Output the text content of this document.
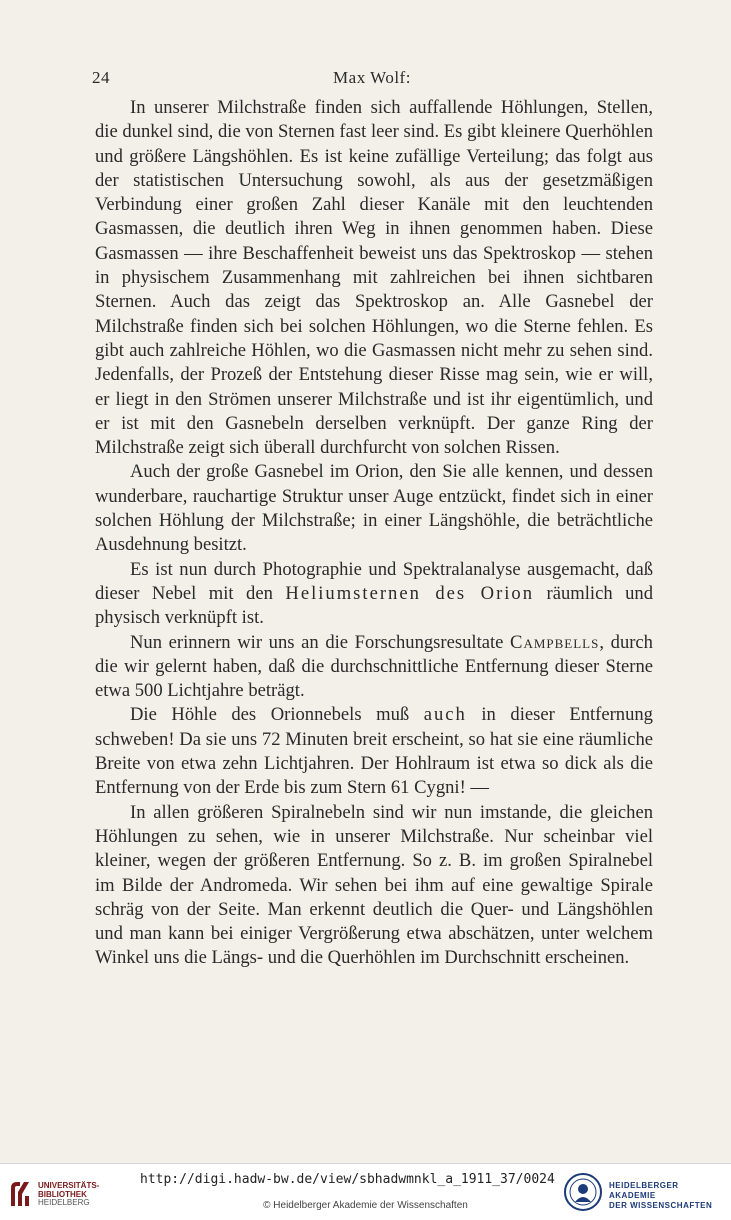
24	Max Wolf:

In unserer Milchstraße finden sich auffallende Höhlungen, Stellen, die dunkel sind, die von Sternen fast leer sind. Es gibt kleinere Querhöhlen und größere Längshöhlen. Es ist keine zufällige Verteilung; das folgt aus der statistischen Untersuchung sowohl, als aus der gesetzmäßigen Verbindung einer großen Zahl dieser Kanäle mit den leuchtenden Gasmassen, die deutlich ihren Weg in ihnen genommen haben. Diese Gasmassen — ihre Beschaffenheit beweist uns das Spektroskop — stehen in physischem Zusammenhang mit zahlreichen bei ihnen sichtbaren Sternen. Auch das zeigt das Spektroskop an. Alle Gasnebel der Milchstraße finden sich bei solchen Höhlungen, wo die Sterne fehlen. Es gibt auch zahlreiche Höhlen, wo die Gasmassen nicht mehr zu sehen sind. Jedenfalls, der Prozeß der Entstehung dieser Risse mag sein, wie er will, er liegt in den Strömen unserer Milchstraße und ist ihr eigentümlich, und er ist mit den Gasnebeln derselben verknüpft. Der ganze Ring der Milchstraße zeigt sich überall durchfurcht von solchen Rissen.

Auch der große Gasnebel im Orion, den Sie alle kennen, und dessen wunderbare, rauchartige Struktur unser Auge entzückt, findet sich in einer solchen Höhlung der Milchstraße; in einer Längshöhle, die beträchtliche Ausdehnung besitzt.

Es ist nun durch Photographie und Spektralanalyse ausgemacht, daß dieser Nebel mit den Heliumsternen des Orion räumlich und physisch verknüpft ist.

Nun erinnern wir uns an die Forschungsresultate Campbells, durch die wir gelernt haben, daß die durchschnittliche Entfernung dieser Sterne etwa 500 Lichtjahre beträgt.

Die Höhle des Orionnebels muß auch in dieser Entfernung schweben! Da sie uns 72 Minuten breit erscheint, so hat sie eine räumliche Breite von etwa zehn Lichtjahren. Der Hohlraum ist etwa so dick als die Entfernung von der Erde bis zum Stern 61 Cygni! —

In allen größeren Spiralnebeln sind wir nun imstande, die gleichen Höhlungen zu sehen, wie in unserer Milchstraße. Nur scheinbar viel kleiner, wegen der größeren Entfernung. So z. B. im großen Spiralnebel im Bilde der Andromeda. Wir sehen bei ihm auf eine gewaltige Spirale schräg von der Seite. Man erkennt deutlich die Quer- und Längshöhlen und man kann bei einiger Vergrößerung etwa abschätzen, unter welchem Winkel uns die Längs- und die Querhöhlen im Durchschnitt erscheinen.

UNIVERSITÄTS-
BIBLIOTHEK
HEIDELBERG
http://digi.hadw-bw.de/view/sbhadwmnkl_a_1911_37/0024
© Heidelberger Akademie der Wissenschaften
HEIDELBERGER AKADEMIE
DER WISSENSCHAFTEN
